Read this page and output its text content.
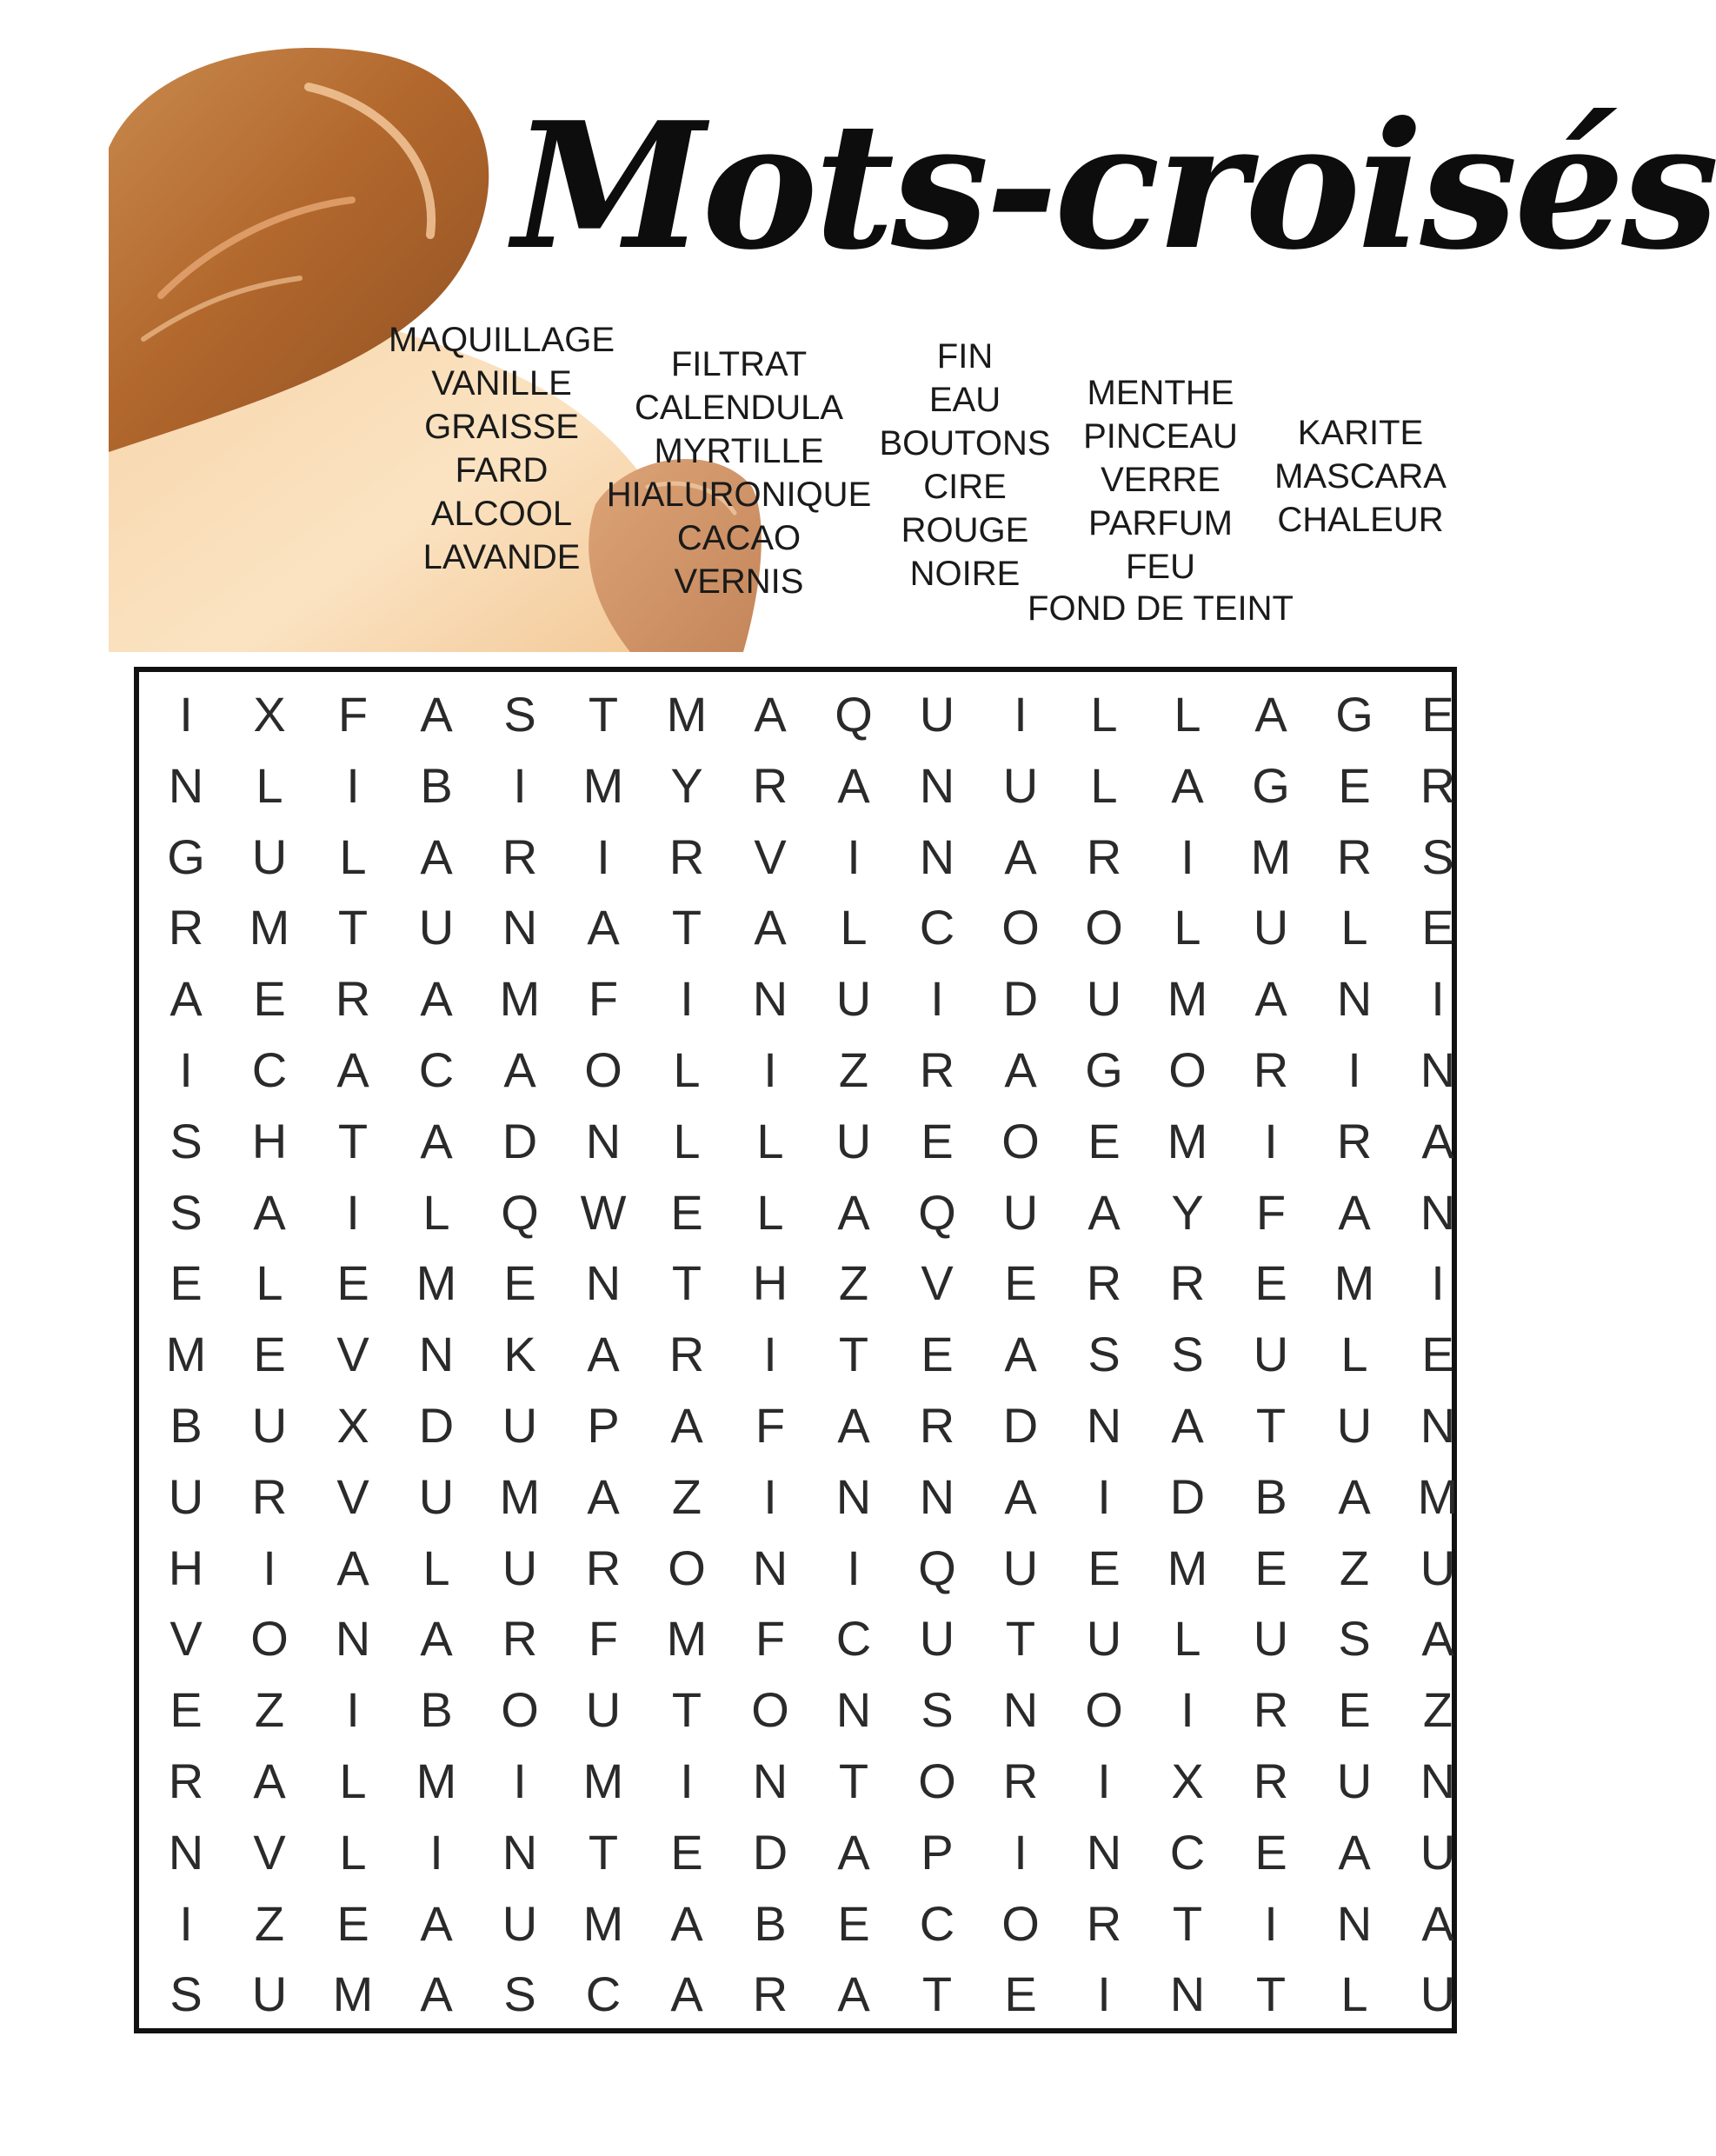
Mots-croisés
MAQUILLAGE
VANILLE
GRAISSE
FARD
ALCOOL
LAVANDE
FILTRAT
CALENDULA
MYRTILLE
HIALURONIQUE
CACAO
VERNIS
FIN
EAU
BOUTONS
CIRE
ROUGE
NOIRE
FOND DE TEINT
MENTHE
PINCEAU
VERRE
PARFUM
FEU
KARITE
MASCARA
CHALEUR
I	X	F	A	S	T M A Q U	I	L	L	A G E
N	L	I	B	I	M Y	R	A	N U	L	A G E	R
G U	L	A	R	I	R	V	I	N	A	R	I	M R	S
R M T	U N	A	T	A	L	C O O	L	U	L	E
A	E	R	A M F	I	N U	I	D U M A	N	I
I	C	A	C	A O	L	I	Z	R	A G O R	I	N
S	H	T	A	D N	L	L	U	E O E M	I	R	A
S	A	I	L	Q W E	L	A Q U	A	Y	F	A	N
E	L	E M E	N	T	H	Z	V	E	R R	E M	I
M E	V	N	K	A	R	I	T	E	A	S	S	U	L	E
B	U	X	D U	P	A	F	A	R D N	A	T	U N
U R	V	U M A	Z	I	N N	A	I	D	B	A M
H	I	A	L	U R O N	I	Q U	E M E	Z	U
V O N	A	R	F M F	C U	T	U	L	U	S	A
E	Z	I	B O U	T	O N	S	N O	I	R	E	Z
R	A	L	M	I	M	I	N	T	O R	I	X	R U N
N	V	L	I	N	T	E	D	A	P	I	N C	E	A	U
I	Z	E	A	U M A	B	E	C O R	T	I	N	A
S	U M A	S	C	A	R	A	T	E	I	N	T	L	U
